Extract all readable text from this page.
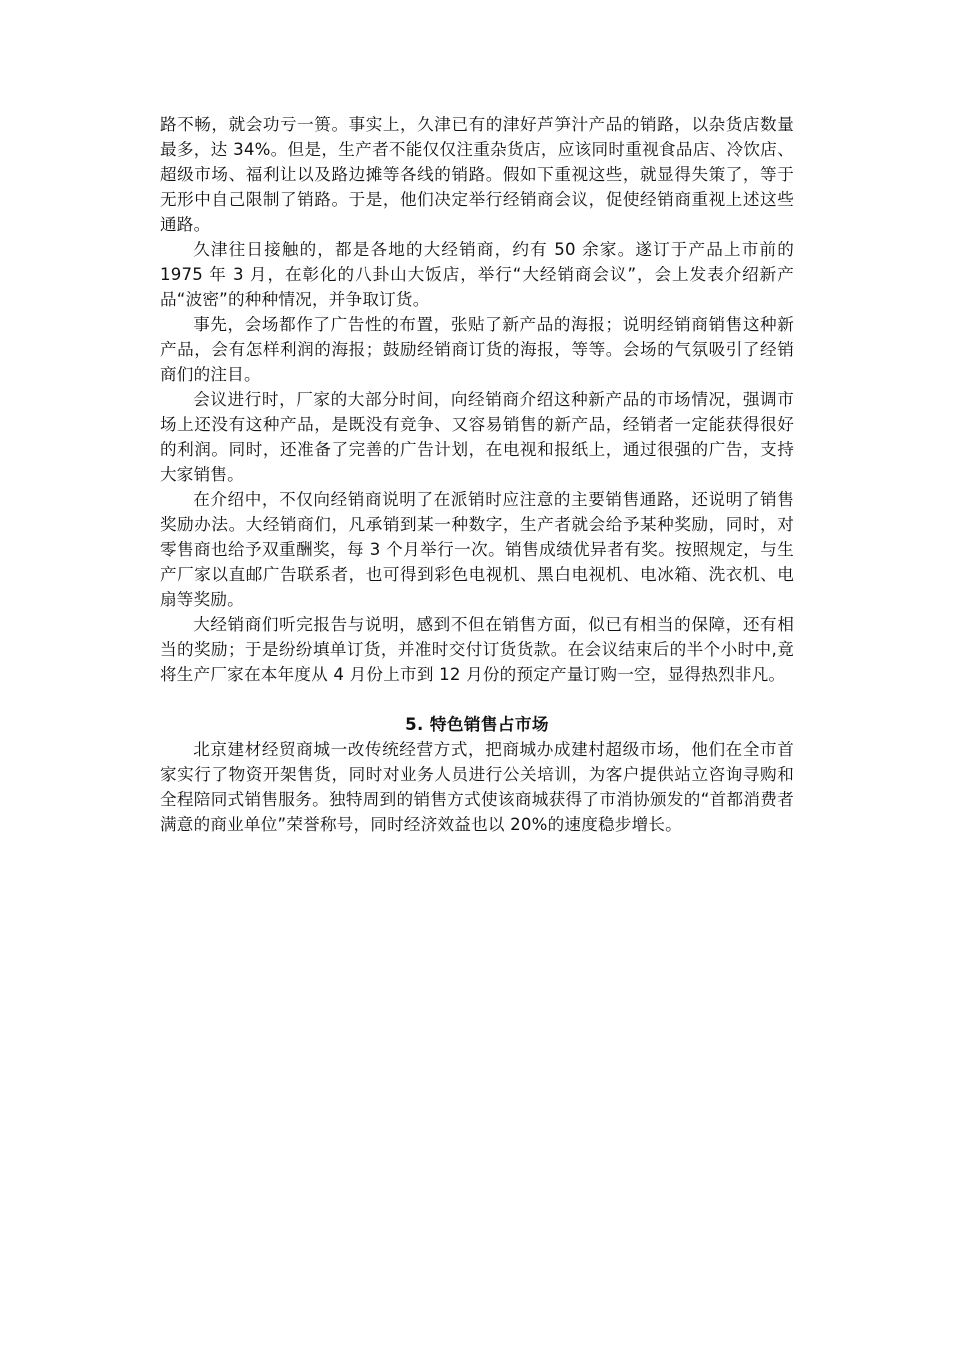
路不畅，就会功亏一篑。事实上，久津已有的津好芦笋汁产品的销路，以杂货店数量最多，达 34%。但是，生产者不能仅仅注重杂货店，应该同时重视食品店、冷饮店、超级市场、福利让以及路边摊等各线的销路。假如下重视这些，就显得失策了，等于无形中自己限制了销路。于是，他们决定举行经销商会议，促使经销商重视上述这些通路。

久津往日接触的，都是各地的大经销商，约有 50 余家。遂订于产品上市前的 1975 年 3 月，在彰化的八卦山大饭店，举行“大经销商会议”，会上发表介绍新产品“波密”的种种情况，并争取订货。

事先，会场都作了广告性的布置，张贴了新产品的海报；说明经销商销售这种新产品，会有怎样利润的海报；鼓励经销商订货的海报，等等。会场的气氛吸引了经销商们的注目。

会议进行时，厂家的大部分时间，向经销商介绍这种新产品的市场情况，强调市场上还没有这种产品，是既没有竞争、又容易销售的新产品，经销者一定能获得很好的利润。同时，还准备了完善的广告计划，在电视和报纸上，通过很强的广告，支持大家销售。

在介绍中，不仅向经销商说明了在派销时应注意的主要销售通路，还说明了销售奖励办法。大经销商们，凡承销到某一种数字，生产者就会给予某种奖励，同时，对零售商也给予双重酬奖，每 3 个月举行一次。销售成绩优异者有奖。按照规定，与生产厂家以直邮广告联系者，也可得到彩色电视机、黑白电视机、电冰箱、洗衣机、电扇等奖励。

大经销商们听完报告与说明，感到不但在销售方面，似已有相当的保障，还有相当的奖励；于是纷纷填单订货，并准时交付订货货款。在会议结束后的半个小时中,竟将生产厂家在本年度从 4 月份上市到 12 月份的预定产量订购一空，显得热烈非凡。

5. 特色销售占市场

北京建材经贸商城一改传统经营方式，把商城办成建村超级市场，他们在全市首家实行了物资开架售货，同时对业务人员进行公关培训，为客户提供站立咨询寻购和全程陪同式销售服务。独特周到的销售方式使该商城获得了市消协颁发的“首都消费者满意的商业单位”荣誉称号，同时经济效益也以 20%的速度稳步增长。
